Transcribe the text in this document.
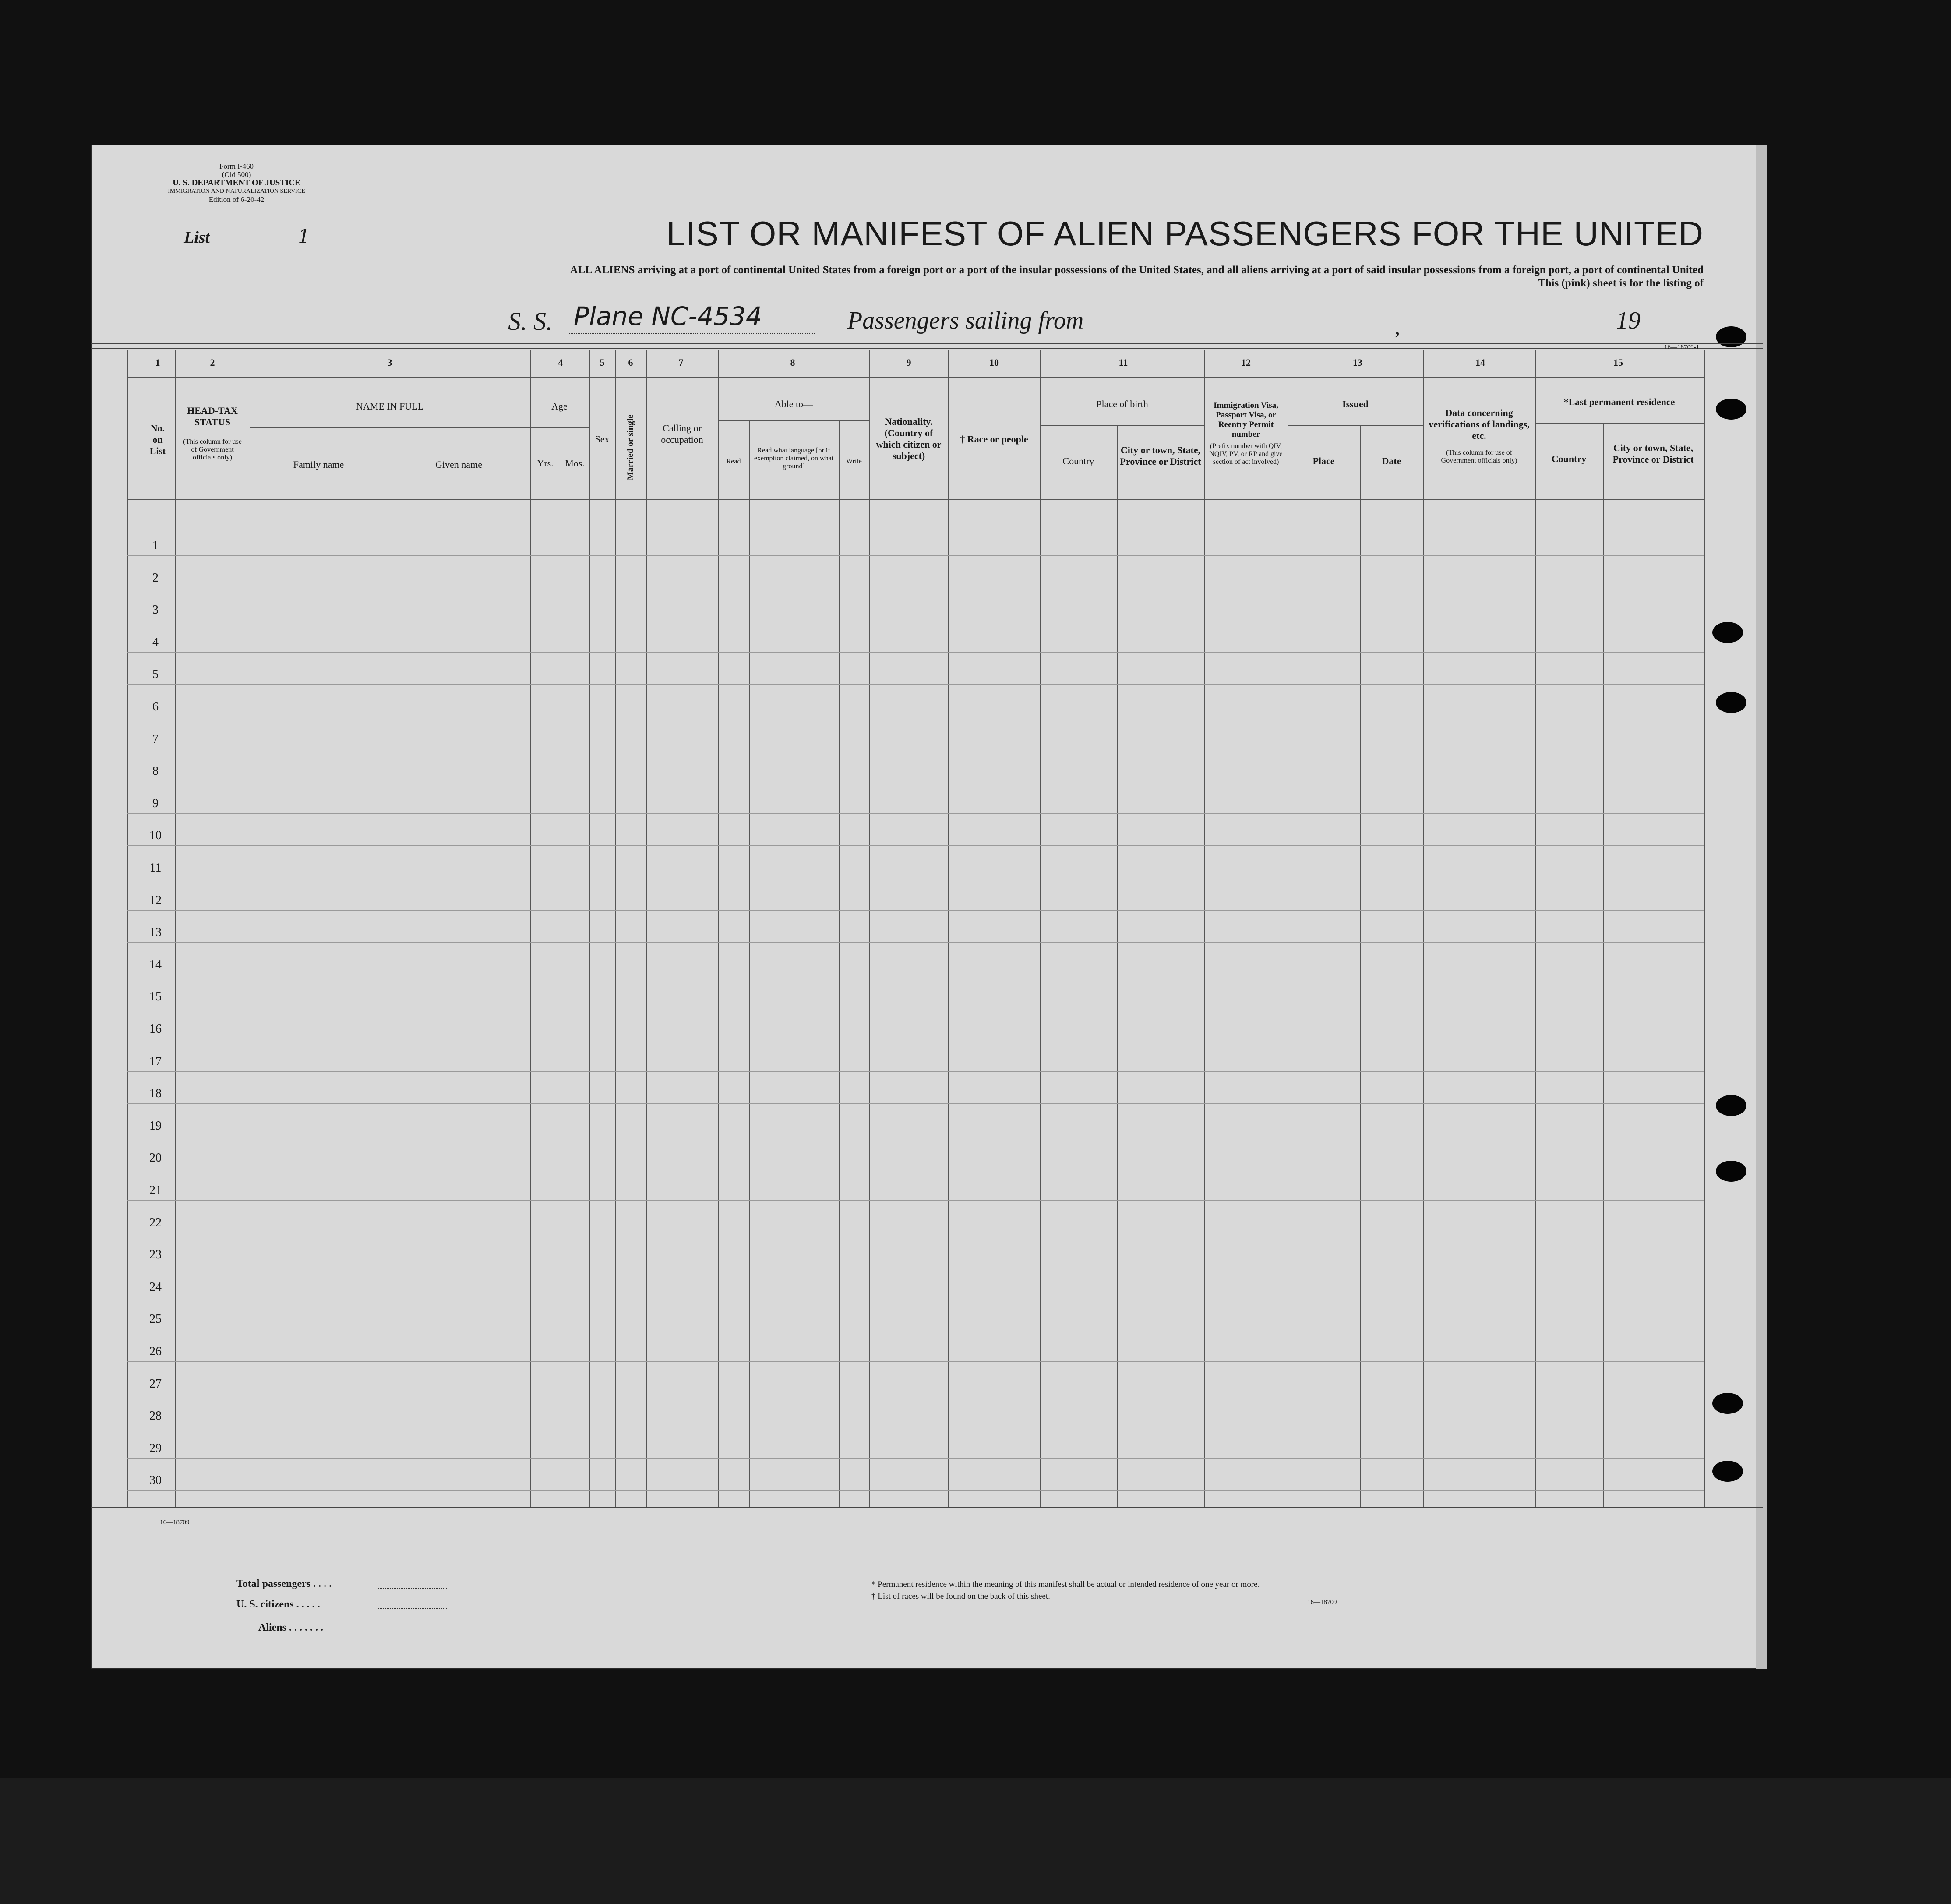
Form I-460
(Old 500)
U. S. DEPARTMENT OF JUSTICE
IMMIGRATION AND NATURALIZATION SERVICE
Edition of 6-20-42
List	1	LIST OR MANIFEST OF ALIEN PASSENGERS FOR THE UNITED
ALL ALIENS arriving at a port of continental United States from a foreign port or a port of the insular possessions of the United States, and all aliens arriving at a port of said insular possessions from a foreign port, a port of continental United
This (pink) sheet is for the listing of
S. S. Plane NC-4534	Passengers sailing from	,	19
16—18709-1
1	2	3	4	5	6	7	8	9	10	11	12	13	14	15
No. on List
HEAD-TAX STATUS
(This column for use of Government officials only)
NAME IN FULL
Family name	Given name
Age
Yrs.	Mos.
Sex	Married or single	Calling or occupation
Able to—
Read
Read what language [or if exemption claimed, on what ground]
Write
Nationality. (Country of which citizen or subject)
† Race or people
Place of birth
Country
City or town, State, Province or District
Immigration Visa, Passport Visa, or Reentry Permit number
(Prefix number with QIV, NQIV, PV, or RP and give section of act involved)
Issued
Place	Date
Data concerning verifications of landings, etc.
(This column for use of Government officials only)
*Last permanent residence
Country
City or town, State, Province or District
1
2
3
4
5
6
7
8
9
10
11
12
13
14
15
16
17
18
19
20
21
22
23
24
25
26
27
28
29
30
16—18709
Total passengers . . . .
U. S. citizens . . . . .
Aliens . . . . . . .
* Permanent residence within the meaning of this manifest shall be actual or intended residence of one year or more.
† List of races will be found on the back of this sheet.
16—18709
